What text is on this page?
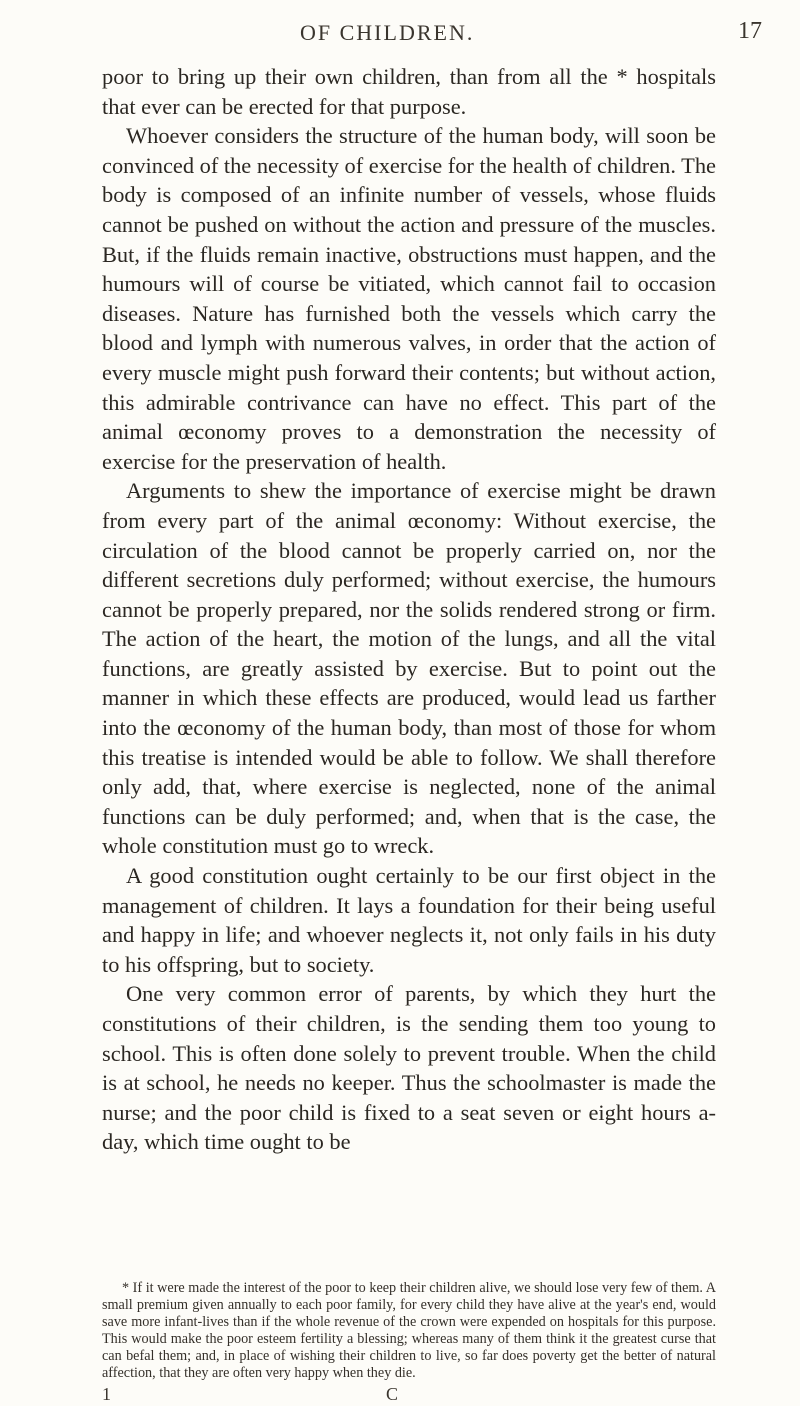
OF CHILDREN.	17

poor to bring up their own children, than from all the * hospitals that ever can be erected for that purpose.

Whoever considers the structure of the human body, will soon be convinced of the necessity of exercise for the health of children. The body is composed of an infinite number of vessels, whose fluids cannot be pushed on without the action and pressure of the muscles. But, if the fluids remain inactive, obstructions must happen, and the humours will of course be vitiated, which cannot fail to occasion diseases. Nature has furnished both the vessels which carry the blood and lymph with numerous valves, in order that the action of every muscle might push forward their contents; but without action, this admirable contrivance can have no effect. This part of the animal œconomy proves to a demonstration the necessity of exercise for the preservation of health.

Arguments to shew the importance of exercise might be drawn from every part of the animal œconomy: Without exercise, the circulation of the blood cannot be properly carried on, nor the different secretions duly performed; without exercise, the humours cannot be properly prepared, nor the solids rendered strong or firm. The action of the heart, the motion of the lungs, and all the vital functions, are greatly assisted by exercise. But to point out the manner in which these effects are produced, would lead us farther into the œconomy of the human body, than most of those for whom this treatise is intended would be able to follow. We shall therefore only add, that, where exercise is neglected, none of the animal functions can be duly performed; and, when that is the case, the whole constitution must go to wreck.

A good constitution ought certainly to be our first object in the management of children. It lays a foundation for their being useful and happy in life; and whoever neglects it, not only fails in his duty to his offspring, but to society.

One very common error of parents, by which they hurt the constitutions of their children, is the sending them too young to school. This is often done solely to prevent trouble. When the child is at school, he needs no keeper. Thus the schoolmaster is made the nurse; and the poor child is fixed to a seat seven or eight hours a-day, which time ought to be

* If it were made the interest of the poor to keep their children alive, we should lose very few of them. A small premium given annually to each poor family, for every child they have alive at the year's end, would save more infant-lives than if the whole revenue of the crown were expended on hospitals for this purpose. This would make the poor esteem fertility a blessing; whereas many of them think it the greatest curse that can befal them; and, in place of wishing their children to live, so far does poverty get the better of natural affection, that they are often very happy when they die.

1	C
